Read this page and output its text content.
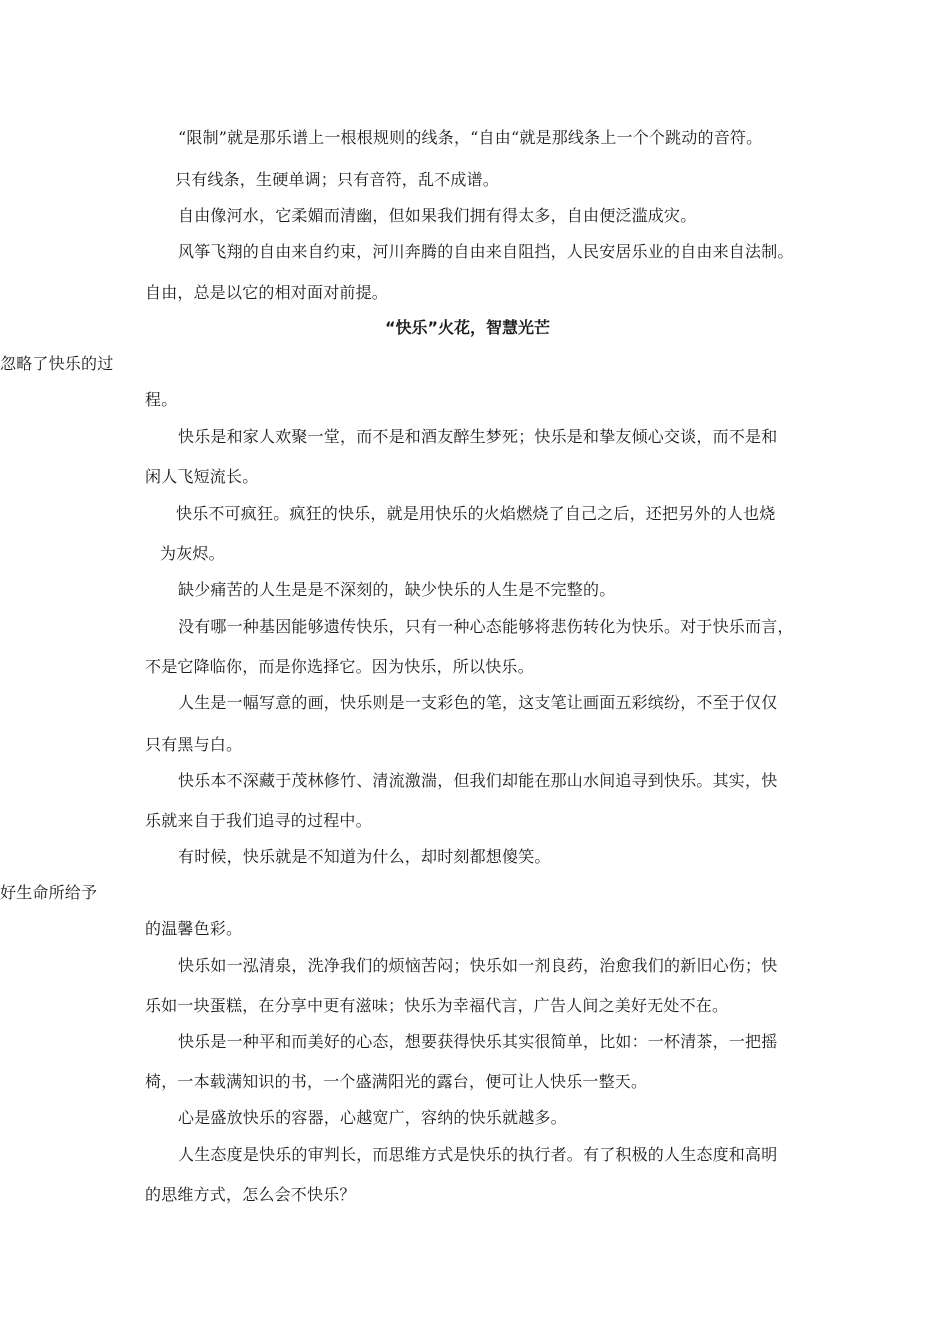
“限制”就是那乐谱上一根根规则的线条，“自由“就是那线条上一个个跳动的音符。
只有线条，生硬单调；只有音符，乱不成谱。
自由像河水，它柔媚而清幽，但如果我们拥有得太多，自由便泛滥成灾。
风筝飞翔的自由来自约束，河川奔腾的自由来自阻挡，人民安居乐业的自由来自法制。
自由，总是以它的相对面对前提。
“快乐”火花，智慧光芒
忽略了快乐的过
程。
快乐是和家人欢聚一堂，而不是和酒友醉生梦死；快乐是和挚友倾心交谈，而不是和
闲人飞短流长。
快乐不可疯狂。疯狂的快乐，就是用快乐的火焰燃烧了自己之后，还把另外的人也烧
为灰烬。
缺少痛苦的人生是是不深刻的，缺少快乐的人生是不完整的。
没有哪一种基因能够遗传快乐，只有一种心态能够将悲伤转化为快乐。对于快乐而言，
不是它降临你，而是你选择它。因为快乐，所以快乐。
人生是一幅写意的画，快乐则是一支彩色的笔，这支笔让画面五彩缤纷，不至于仅仅
只有黑与白。
快乐本不深藏于茂林修竹、清流激湍，但我们却能在那山水间追寻到快乐。其实，快
乐就来自于我们追寻的过程中。
有时候，快乐就是不知道为什么，却时刻都想傻笑。
好生命所给予
的温馨色彩。
快乐如一泓清泉，洗净我们的烦恼苦闷；快乐如一剂良药，治愈我们的新旧心伤；快
乐如一块蛋糕，在分享中更有滋味；快乐为幸福代言，广告人间之美好无处不在。
快乐是一种平和而美好的心态，想要获得快乐其实很简单，比如：一杯清茶，一把摇
椅，一本载满知识的书，一个盛满阳光的露台，便可让人快乐一整天。
心是盛放快乐的容器，心越宽广，容纳的快乐就越多。
人生态度是快乐的审判长，而思维方式是快乐的执行者。有了积极的人生态度和高明
的思维方式，怎么会不快乐？
